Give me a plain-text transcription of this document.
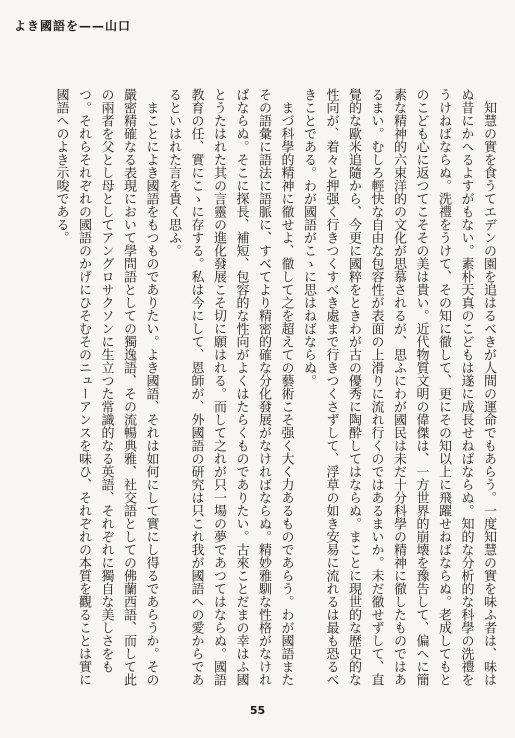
よき國語を——山口

知慧の實を食うてエデンの園を追はるべきが人間の運命でもあらう。一度知慧の實を味ふ者は、味はぬ昔にかへるよすがもない。素朴天真のこどもは遂に成長せねばならぬ。知的な分析的な科學の洗禮をうけねばならぬ。洗禮をうけて、その知に徹して、更にその知以上に飛躍せねばならぬ。老成してもとのこども心に返つてこそその美は貴い。近代物質文明の偉傑は、一方世界的崩壊を豫告して、偏へに簡素な精神的六束洋的の文化が思慕されるが、思ふにわが國民は未だ十分科學の精神に徹したものではあるまい。むしろ輕快な自由な包容性が表面の上滑りに流れ行くのではあるまいか。未だ徹せずして、直覺的な歐米追隨から、今更に國粹をときわが古の優秀に陶酔してはならぬ。まことに現世的な歴史的な性向が、着々と押强く行きつくすべき處まで行きつくさずして、浮草の如き安易に流れるは最も恐るべきことである。わが國語がこゝに思はねばならぬ。

まづ科學的精神に徹せよ、徹して之を超えての藝術こそ强く大く力あるものであらう。わが國語またその語彙に語法に語脈に、すべてより精密的確な分化發展がなければならぬ。精妙雅馴な性格がなければならぬ。そこに探長、補短、包容的な性向がよくはたらくものでありたい。古來ことだまの幸はふ國とうたはれた其の言靈の進化發展こそ切に願はれる。而して之れが只一場の夢であつてはならぬ。國語教育の任、實にこゝに存する。私は今にして、恩師が、外國語の研究は只これ我が國語への愛からであるといはれた言を貴く思ふ。

まことによき國語をもつものでありたい。よき國語、それは如何にして實にし得るであらうか。その嚴密精確なる表現において學問語としての獨逸語、その流暢典雅、社交語としての佛蘭西語、而して此の兩者を父とし母としてアングロサクソンに生立つた常識的なる英語、それぞれに獨自な美しさをもつ。それらそれぞれの國語のかげにひそむそのニューアンスを味ひ、それぞれの本質を觀ることは實に國語へのよき示唆である。

55
